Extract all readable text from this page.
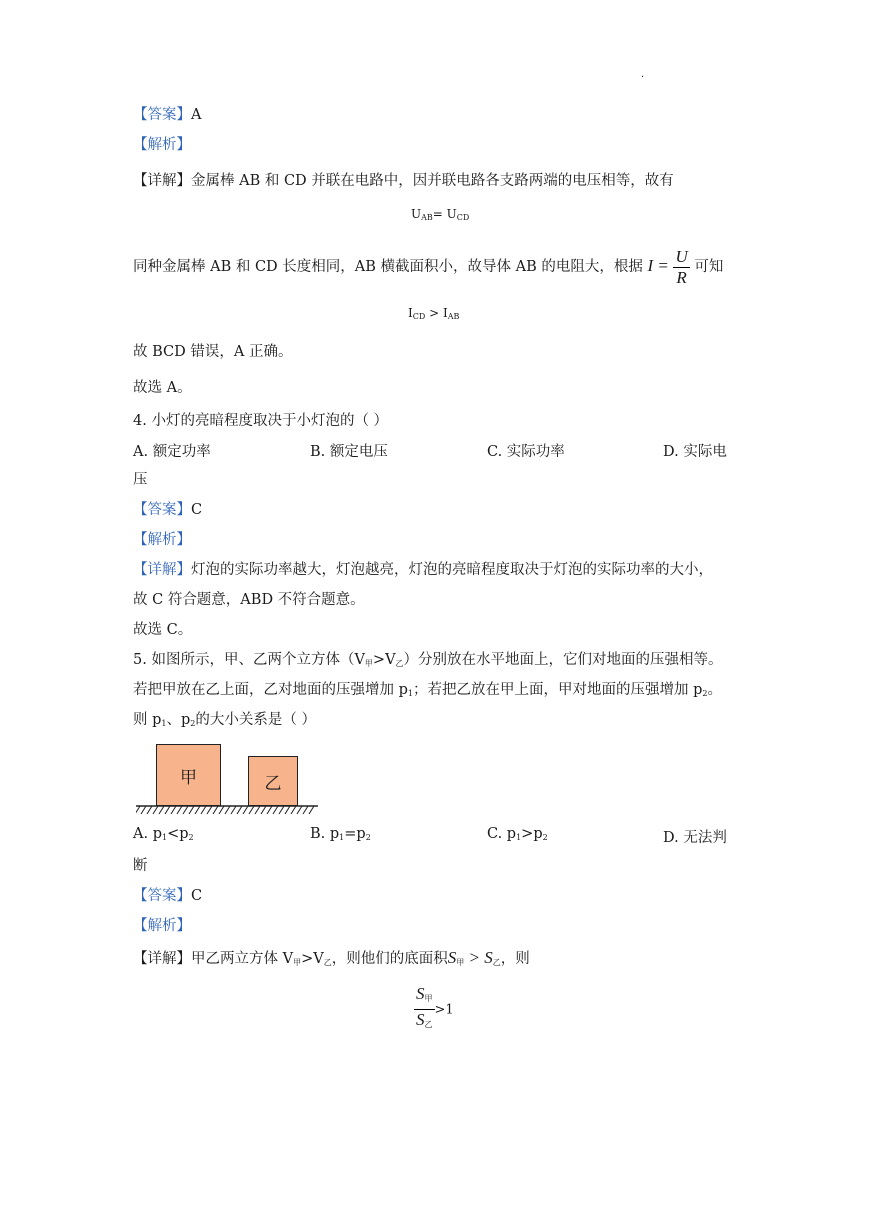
·
【答案】A
【解析】
【详解】金属棒 AB 和 CD 并联在电路中，因并联电路各支路两端的电压相等，故有
$U_{AB}= U_{CD}$
同种金属棒 AB 和 CD 长度相同，AB 横截面积小，故导体 AB 的电阻大，根据 $I = \frac{U}{R}$ 可知
$I_{CD} > I_{AB}$
故 BCD 错误，A 正确。
故选 A。
4. 小灯的亮暗程度取决于小灯泡的（ ）
A. 额定功率	B. 额定电压	C. 实际功率	D. 实际电
压
【答案】C
【解析】
【详解】灯泡的实际功率越大，灯泡越亮，灯泡的亮暗程度取决于灯泡的实际功率的大小，
故 C 符合题意，ABD 不符合题意。
故选 C。
5. 如图所示，甲、乙两个立方体$(V_甲>V_乙)$分别放在水平地面上，它们对地面的压强相等。
若把甲放在乙上面，乙对地面的压强增加 $p_1$；若把乙放在甲上面，甲对地面的压强增加 $p_2$。
则 $p_1$、$p_2$的大小关系是（ ）
甲	乙
A. $p_1<p_2$	B. $p_1=p_2$	C. $p_1>p_2$	D. 无法判
断
【答案】C
【解析】
【详解】甲乙两立方体 $V_甲>V_乙$，则他们的底面积$S_甲 > S_乙$，则
$\frac{S_甲}{S_乙} >1$
